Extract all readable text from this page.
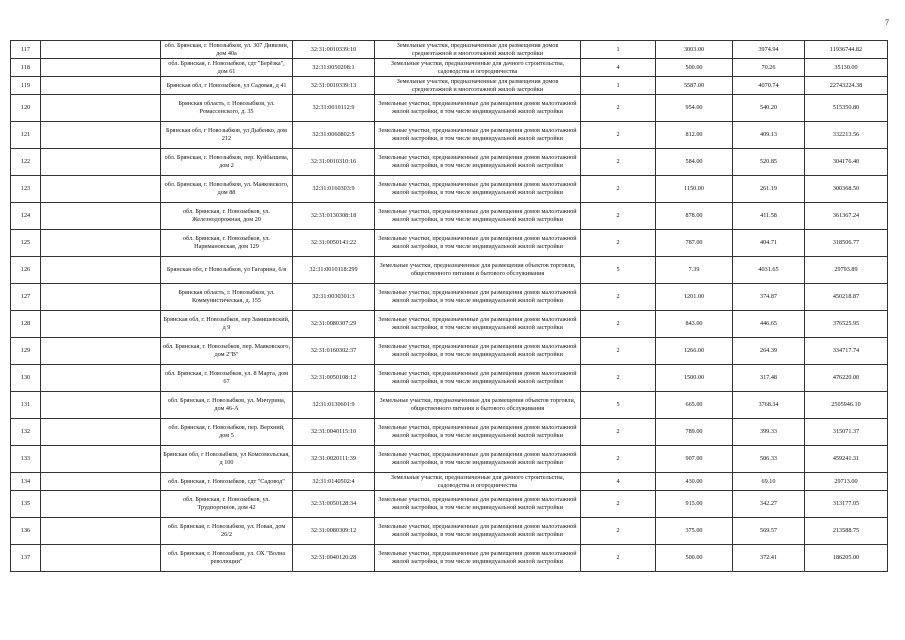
7
117		обл. Брянская, г. Новозыбков, ул. 307 Дивизии, дом 40а	32:31:0010339:10	Земельные участки, предназначенные для размещения домов среднеэтажной и многоэтажной жилой застройки	1	3003.00	3974.94	11936744.82
118		обл. Брянская, г. Новозыбков, сдт "Берёзка", дом 61	32:31:0050208:1	Земельные участки, предназначенные для дачного строительства, садоводства и огородничества	4	500.00	70.26	35130.00
119		Брянская обл, г Новозыбков, ул Садовая, д 41	32:31:0010339:13	Земельные участки, предназначенные для размещения домов среднеэтажной и многоэтажной жилой застройки	1	5587.00	4070.74	22743224.38
120		Брянская область, г. Новозыбков, ул. Ромассенского, д. 35	32:31:0010112:9	Земельные участки, предназначенные для размещения домов малоэтажной жилой застройки, в том числе индивидуальной жилой застройки	2	954.00	540.20	515350.80
121		Брянская обл, г Новозыбков, ул Дыбенко, дом 212	32:31:0060802:5	Земельные участки, предназначенные для размещения домов малоэтажной жилой застройки, в том числе индивидуальной жилой застройки	2	812.00	409.13	332213.56
122		обл. Брянская, г. Новозыбков, пер. Куйбышева, дом 2	32:31:0010310:16	Земельные участки, предназначенные для размещения домов малоэтажной жилой застройки, в том числе индивидуальной жилой застройки	2	584.00	520.85	304176.40
123		обл. Брянская, г. Новозыбков, ул. Маяковского, дом 88	32:31:0160303:9	Земельные участки, предназначенные для размещения домов малоэтажной жилой застройки, в том числе индивидуальной жилой застройки	2	1150.00	261.19	300368.50
124		обл. Брянская, г. Новозыбков, ул. Железнодорожная, дом 20	32:31:0130308:18	Земельные участки, предназначенные для размещения домов малоэтажной жилой застройки, в том числе индивидуальной жилой застройки	2	878.00	411.58	361367.24
125		обл. Брянская, г. Новозыбков, ул. Наримановская, дом 129	32:31:0050143:22	Земельные участки, предназначенные для размещения домов малоэтажной жилой застройки, в том числе индивидуальной жилой застройки	2	787.00	404.71	318506.77
126		Брянская обл, г Новозыбков, ул Гагарина, 6/в	32:31:0010118:299	Земельные участки, предназначенные для размещения объектов торговли, общественного питания и бытового обслуживания	5	7.39	4031.65	29793.89
127		Брянская область, г. Новозыбков, ул. Коммунистическая, д. 155	32:31:0030301:3	Земельные участки, предназначенные для размещения домов малоэтажной жилой застройки, в том числе индивидуальной жилой застройки	2	1201.00	374.87	450218.87
128		Брянская обл, г. Новозыбков, пер Замишевский, д 9	32:31:0080307:29	Земельные участки, предназначенные для размещения домов малоэтажной жилой застройки, в том числе индивидуальной жилой застройки	2	843.00	446.65	376525.95
129		обл. Брянская, г. Новозыбков, пер. Маяковского, дом 2"В"	32:31:0160302:37	Земельные участки, предназначенные для размещения домов малоэтажной жилой застройки, в том числе индивидуальной жилой застройки	2	1266.00	264.39	334717.74
130		обл. Брянская, г. Новозыбков, ул. 8 Марта, дом 67	32:31:0050108:12	Земельные участки, предназначенные для размещения домов малоэтажной жилой застройки, в том числе индивидуальной жилой застройки	2	1500.00	317.48	476220.00
131		обл. Брянская, г. Новозыбков, ул. Мичурина, дом 46-А	32:31:0130601:9	Земельные участки, предназначенные для размещения объектов торговли, общественного питания и бытового обслуживания	5	665.00	3768.34	2505946.10
132		обл. Брянская, г. Новозыбков, пер. Верхний, дом 5	32:31:0040115:10	Земельные участки, предназначенные для размещения домов малоэтажной жилой застройки, в том числе индивидуальной жилой застройки	2	789.00	399.33	315071.37
133		Брянская обл, г Новозыбков, ул Комсомольская, д 100	32:31:0020111:39	Земельные участки, предназначенные для размещения домов малоэтажной жилой застройки, в том числе индивидуальной жилой застройки	2	907.00	506.33	459241.31
134		обл. Брянская, г. Новозыбков, сдт "Садовод"	32:31:0140502:4	Земельные участки, предназначенные для дачного строительства, садоводства и огородничества	4	430.00	69.10	29713.00
135		обл. Брянская, г. Новозыбков, ул. Трудпоргинов, дом 42	32:31:0050128:34	Земельные участки, предназначенные для размещения домов малоэтажной жилой застройки, в том числе индивидуальной жилой застройки	2	915.00	342.27	313177.05
136		обл. Брянская, г. Новозыбков, ул. Новая, дом 26/2	32:31:0080309:12	Земельные участки, предназначенные для размещения домов малоэтажной жилой застройки, в том числе индивидуальной жилой застройки	2	375.00	569.57	213588.75
137		обл. Брянская, г. Новозыбков, ул. ОХ "Волна революции"	32:31:0040120:28	Земельные участки, предназначенные для размещения домов малоэтажной жилой застройки, в том числе индивидуальной жилой застройки	2	500.00	372.41	186205.00
